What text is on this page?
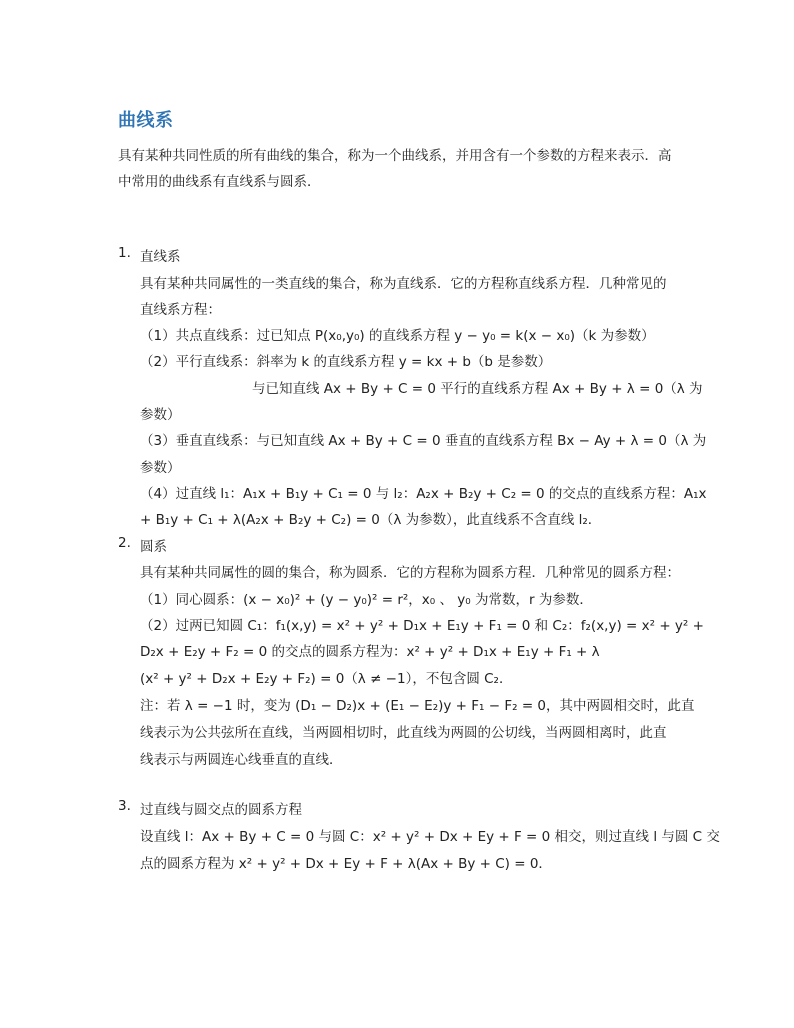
曲线系
具有某种共同性质的所有曲线的集合，称为一个曲线系，并用含有一个参数的方程来表示．高
中常用的曲线系有直线系与圆系．
1. 直线系
具有某种共同属性的一类直线的集合，称为直线系．它的方程称直线系方程．几种常见的
直线系方程：
（1）共点直线系：过已知点 P(x₀,y₀) 的直线系方程 y − y₀ = k(x − x₀)（k 为参数）
（2）平行直线系：斜率为 k 的直线系方程 y = kx + b（b 是参数）
与已知直线 Ax + By + C = 0 平行的直线系方程 Ax + By + λ = 0（λ 为
参数）
（3）垂直直线系：与已知直线 Ax + By + C = 0 垂直的直线系方程 Bx − Ay + λ = 0（λ 为
参数）
（4）过直线 l₁：A₁x + B₁y + C₁ = 0 与 l₂：A₂x + B₂y + C₂ = 0 的交点的直线系方程：A₁x
+ B₁y + C₁ + λ(A₂x + B₂y + C₂) = 0（λ 为参数），此直线系不含直线 l₂．
2. 圆系
具有某种共同属性的圆的集合，称为圆系．它的方程称为圆系方程．几种常见的圆系方程：
（1）同心圆系：(x − x₀)² + (y − y₀)² = r²，x₀ 、 y₀ 为常数，r 为参数．
（2）过两已知圆 C₁：f₁(x,y) = x² + y² + D₁x + E₁y + F₁ = 0 和 C₂：f₂(x,y) = x² + y² +
D₂x + E₂y + F₂ = 0 的交点的圆系方程为：x² + y² + D₁x + E₁y + F₁ + λ
(x² + y² + D₂x + E₂y + F₂) = 0（λ ≠ −1），不包含圆 C₂．
注：若 λ = −1 时，变为 (D₁ − D₂)x + (E₁ − E₂)y + F₁ − F₂ = 0，其中两圆相交时，此直
线表示为公共弦所在直线，当两圆相切时，此直线为两圆的公切线，当两圆相离时，此直
线表示与两圆连心线垂直的直线．
3. 过直线与圆交点的圆系方程
设直线 l：Ax + By + C = 0 与圆 C：x² + y² + Dx + Ey + F = 0 相交，则过直线 l 与圆 C 交
点的圆系方程为 x² + y² + Dx + Ey + F + λ(Ax + By + C) = 0．
